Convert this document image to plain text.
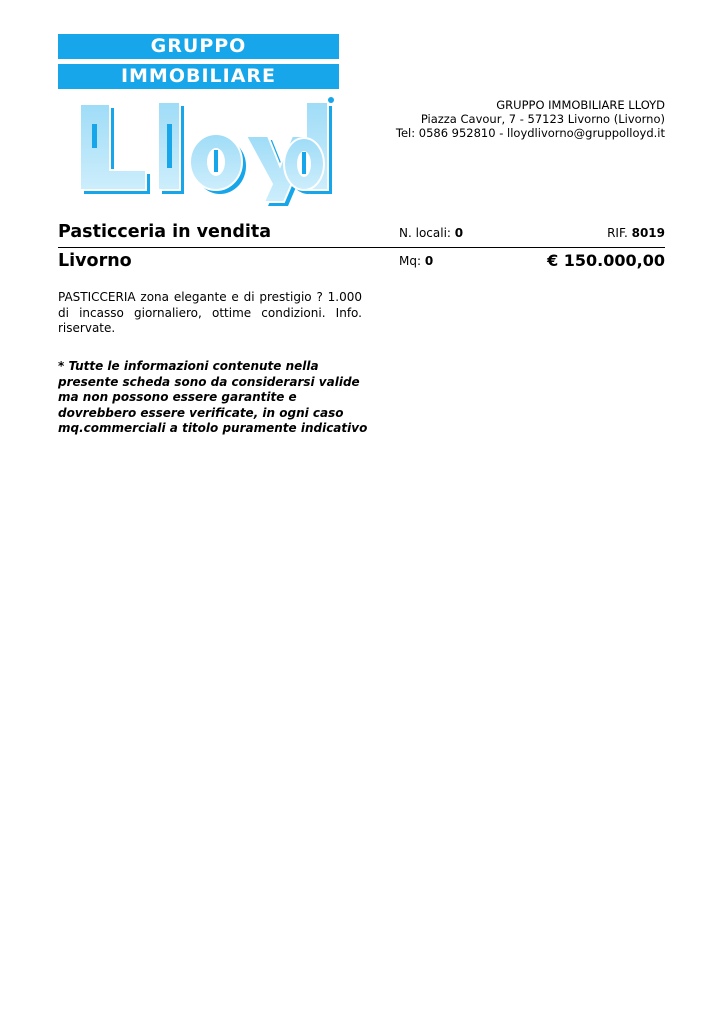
GRUPPO
IMMOBILIARE
GRUPPO IMMOBILIARE LLOYD
Piazza Cavour, 7 - 57123 Livorno (Livorno)
Tel: 0586 952810 - lloydlivorno@gruppolloyd.it
Pasticceria in vendita	N. locali: 0	RIF. 8019
Livorno	Mq: 0	€ 150.000,00
PASTICCERIA zona elegante e di prestigio ? 1.000 di incasso giornaliero, ottime condizioni. Info. riservate.
* Tutte le informazioni contenute nella presente scheda sono da considerarsi valide ma non possono essere garantite e dovrebbero essere verificate, in ogni caso mq.commerciali a titolo puramente indicativo
